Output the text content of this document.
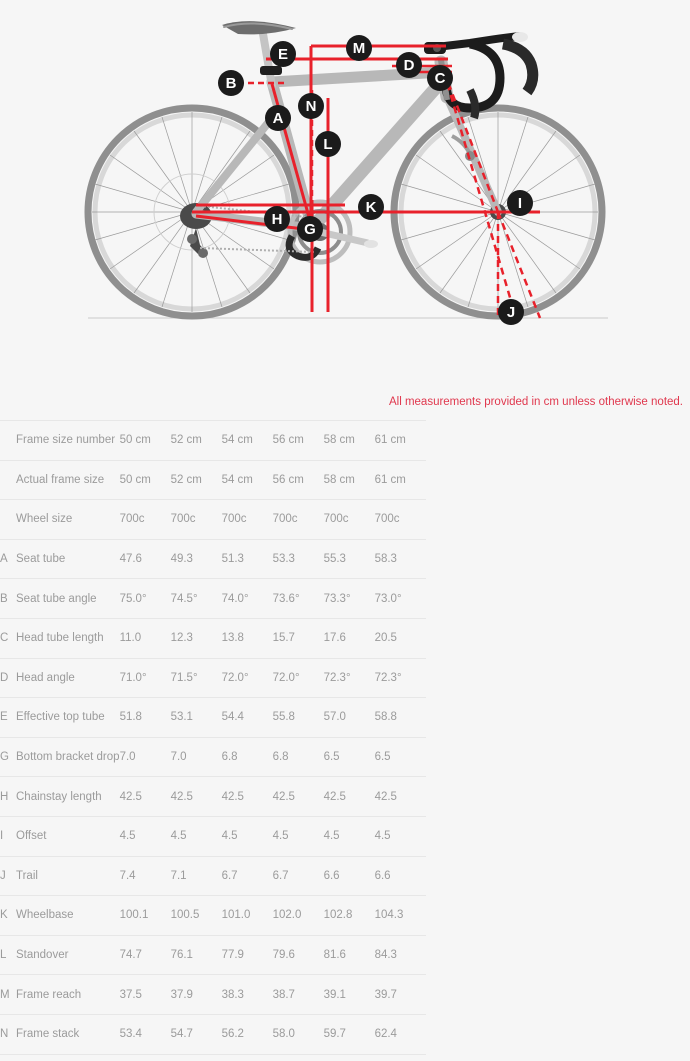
A
B	C
D
E
G
H
I
J
K
L
M
N
All measurements provided in cm unless otherwise noted.
	Frame size number	50 cm	52 cm	54 cm	56 cm	58 cm	61 cm	
	Actual frame size	50 cm	52 cm	54 cm	56 cm	58 cm	61 cm	
	Wheel size	700c	700c	700c	700c	700c	700c	
A	Seat tube	47.6	49.3	51.3	53.3	55.3	58.3	
B	Seat tube angle	75.0°	74.5°	74.0°	73.6°	73.3°	73.0°	
C	Head tube length	11.0	12.3	13.8	15.7	17.6	20.5	
D	Head angle	71.0°	71.5°	72.0°	72.0°	72.3°	72.3°	
E	Effective top tube	51.8	53.1	54.4	55.8	57.0	58.8	
G	Bottom bracket drop	7.0	7.0	6.8	6.8	6.5	6.5	
H	Chainstay length	42.5	42.5	42.5	42.5	42.5	42.5	
I	Offset	4.5	4.5	4.5	4.5	4.5	4.5	
J	Trail	7.4	7.1	6.7	6.7	6.6	6.6	
K	Wheelbase	100.1	100.5	101.0	102.0	102.8	104.3	
L	Standover	74.7	76.1	77.9	79.6	81.6	84.3	
M	Frame reach	37.5	37.9	38.3	38.7	39.1	39.7	
N	Frame stack	53.4	54.7	56.2	58.0	59.7	62.4	
